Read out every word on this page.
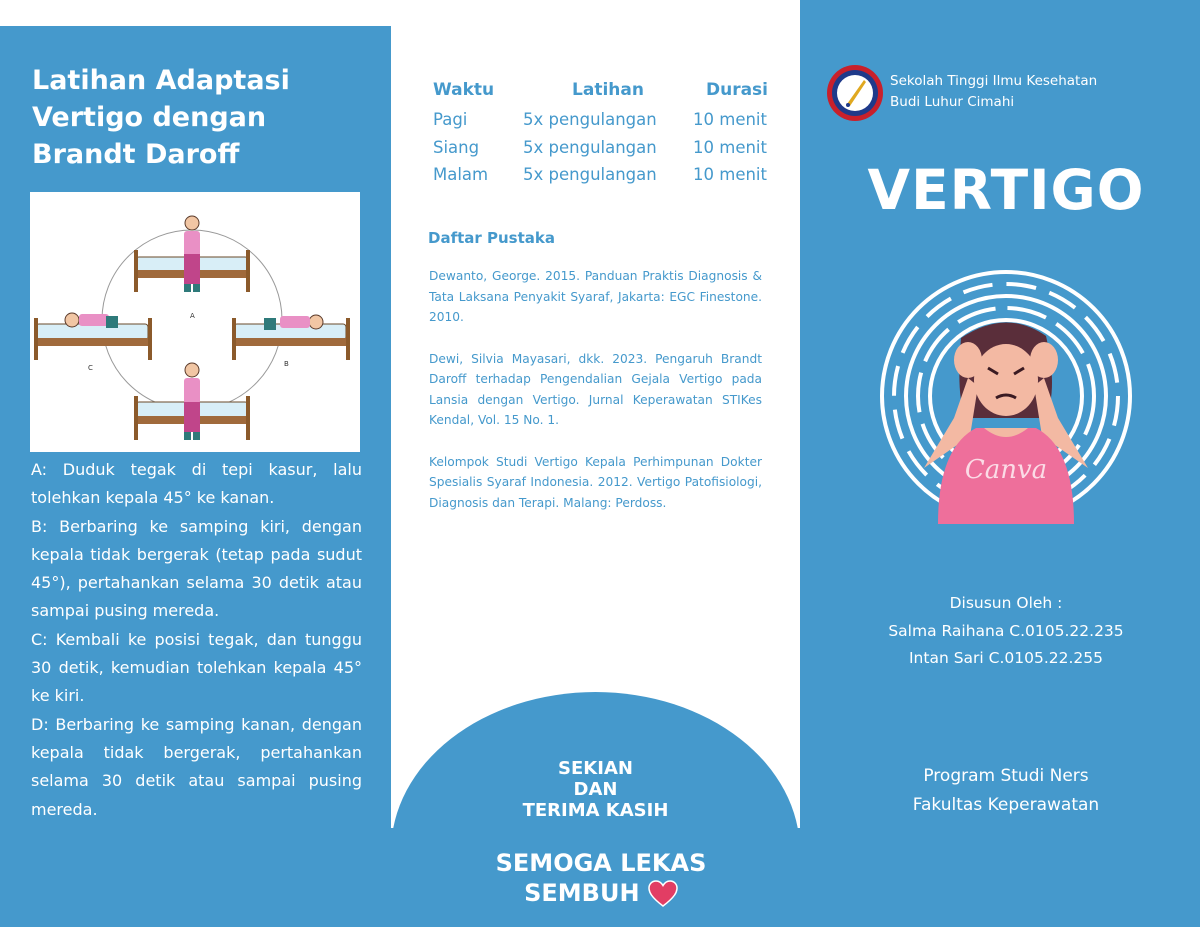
Latihan Adaptasi
Vertigo dengan
Brandt Daroff
A
B
C

A: Duduk tegak di tepi kasur, lalu tolehkan kepala 45° ke kanan.

B: Berbaring ke samping kiri, dengan kepala tidak bergerak (tetap pada sudut 45°), pertahankan selama 30 detik atau sampai pusing mereda.

C: Kembali ke posisi tegak, dan tunggu 30 detik, kemudian tolehkan kepala 45° ke kiri.

D: Berbaring ke samping kanan, dengan kepala tidak bergerak, pertahankan selama 30 detik atau sampai pusing mereda.

Waktu	Latihan	Durasi
Pagi	5x pengulangan	10 menit
Siang	5x pengulangan	10 menit
Malam	5x pengulangan	10 menit
Daftar Pustaka

Dewanto, George. 2015. Panduan Praktis Diagnosis & Tata Laksana Penyakit Syaraf, Jakarta: EGC Finestone. 2010.

Dewi, Silvia Mayasari, dkk. 2023. Pengaruh Brandt Daroff terhadap Pengendalian Gejala Vertigo pada Lansia dengan Vertigo. Jurnal Keperawatan STIKes Kendal, Vol. 15 No. 1.

Kelompok Studi Vertigo Kepala Perhimpunan Dokter Spesialis Syaraf Indonesia. 2012. Vertigo Patofisiologi, Diagnosis dan Terapi. Malang: Perdoss.

SEKIAN
DAN
TERIMA KASIH

SEMOGA LEKAS
SEMBUH

Sekolah Tinggi Ilmu Kesehatan
Budi Luhur Cimahi

VERTIGO
Canva

Disusun Oleh :
Salma Raihana C.0105.22.235
Intan Sari C.0105.22.255

Program Studi Ners
Fakultas Keperawatan
